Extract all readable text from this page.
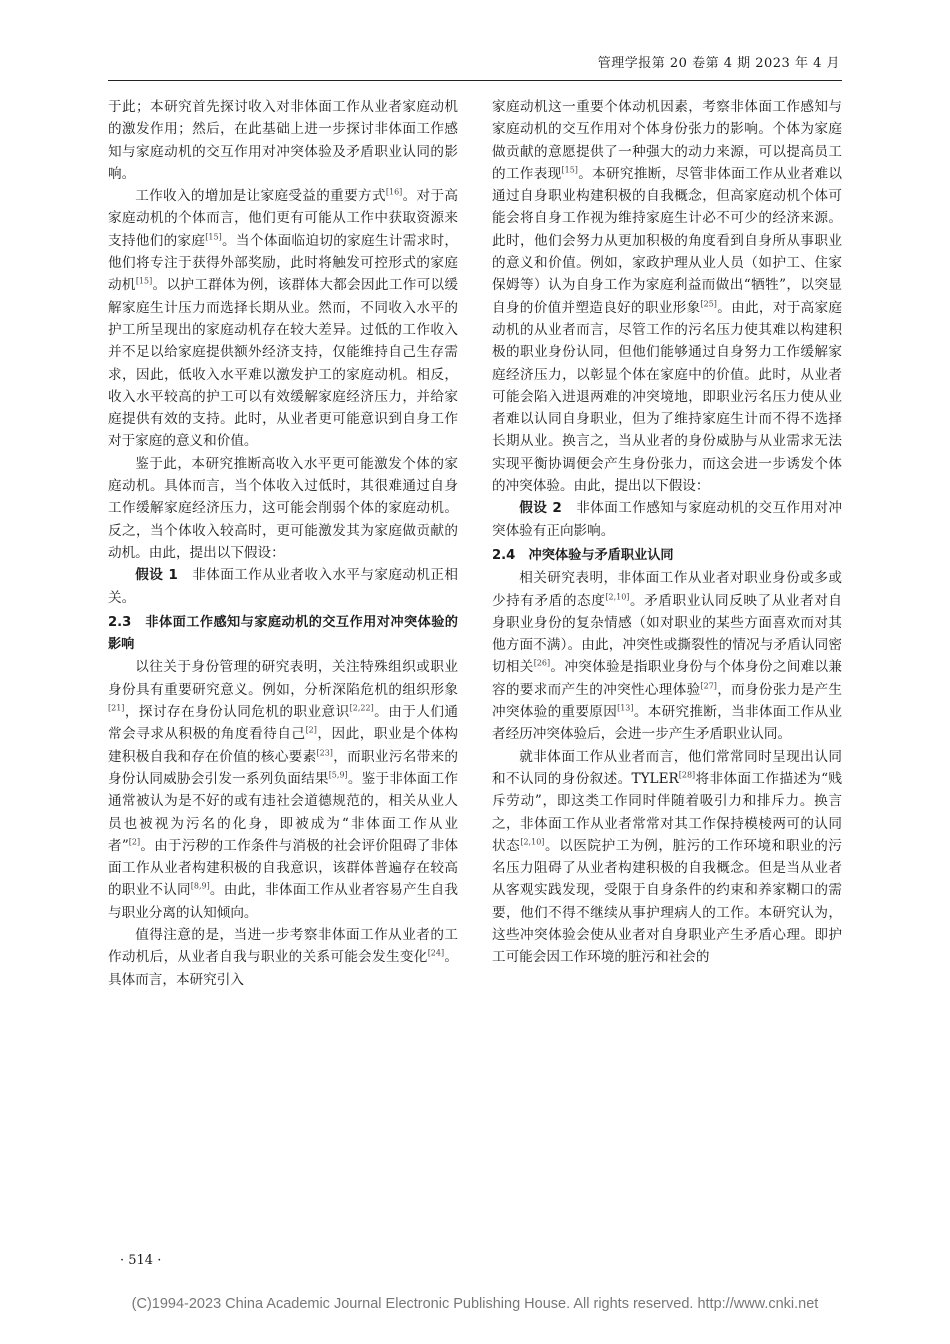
管理学报第 20 卷第 4 期 2023 年 4 月

于此；本研究首先探讨收入对非体面工作从业者家庭动机的激发作用；然后，在此基础上进一步探讨非体面工作感知与家庭动机的交互作用对冲突体验及矛盾职业认同的影响。

工作收入的增加是让家庭受益的重要方式[16]。对于高家庭动机的个体而言，他们更有可能从工作中获取资源来支持他们的家庭[15]。当个体面临迫切的家庭生计需求时，他们将专注于获得外部奖励，此时将触发可控形式的家庭动机[15]。以护工群体为例，该群体大都会因此工作可以缓解家庭生计压力而选择长期从业。然而，不同收入水平的护工所呈现出的家庭动机存在较大差异。过低的工作收入并不足以给家庭提供额外经济支持，仅能维持自己生存需求，因此，低收入水平难以激发护工的家庭动机。相反，收入水平较高的护工可以有效缓解家庭经济压力，并给家庭提供有效的支持。此时，从业者更可能意识到自身工作对于家庭的意义和价值。

鉴于此，本研究推断高收入水平更可能激发个体的家庭动机。具体而言，当个体收入过低时，其很难通过自身工作缓解家庭经济压力，这可能会削弱个体的家庭动机。反之，当个体收入较高时，更可能激发其为家庭做贡献的动机。由此，提出以下假设：

假设 1　 非体面工作从业者收入水平与家庭动机正相关。

2.3　非体面工作感知与家庭动机的交互作用对冲突体验的影响

以往关于身份管理的研究表明，关注特殊组织或职业身份具有重要研究意义。例如，分析深陷危机的组织形象[21]，探讨存在身份认同危机的职业意识[2,22]。由于人们通常会寻求从积极的角度看待自己[2]，因此，职业是个体构建积极自我和存在价值的核心要素[23]，而职业污名带来的身份认同威胁会引发一系列负面结果[5,9]。鉴于非体面工作通常被认为是不好的或有违社会道德规范的，相关从业人员也被视为污名的化身，即被成为“非体面工作从业者”[2]。由于污秽的工作条件与消极的社会评价阻碍了非体面工作从业者构建积极的自我意识，该群体普遍存在较高的职业不认同[8,9]。由此，非体面工作从业者容易产生自我与职业分离的认知倾向。

值得注意的是，当进一步考察非体面工作从业者的工作动机后，从业者自我与职业的关系可能会发生变化[24]。具体而言，本研究引入

家庭动机这一重要个体动机因素，考察非体面工作感知与家庭动机的交互作用对个体身份张力的影响。个体为家庭做贡献的意愿提供了一种强大的动力来源，可以提高员工的工作表现[15]。本研究推断，尽管非体面工作从业者难以通过自身职业构建积极的自我概念，但高家庭动机个体可能会将自身工作视为维持家庭生计必不可少的经济来源。此时，他们会努力从更加积极的角度看到自身所从事职业的意义和价值。例如，家政护理从业人员（如护工、住家保姆等）认为自身工作为家庭利益而做出“牺牲”，以突显自身的价值并塑造良好的职业形象[25]。由此，对于高家庭动机的从业者而言，尽管工作的污名压力使其难以构建积极的职业身份认同，但他们能够通过自身努力工作缓解家庭经济压力，以彰显个体在家庭中的价值。此时，从业者可能会陷入进退两难的冲突境地，即职业污名压力使从业者难以认同自身职业，但为了维持家庭生计而不得不选择长期从业。换言之，当从业者的身份威胁与从业需求无法实现平衡协调便会产生身份张力，而这会进一步诱发个体的冲突体验。由此，提出以下假设：

假设 2　 非体面工作感知与家庭动机的交互作用对冲突体验有正向影响。

2.4　冲突体验与矛盾职业认同

相关研究表明，非体面工作从业者对职业身份或多或少持有矛盾的态度[2,10]。矛盾职业认同反映了从业者对自身职业身份的复杂情感（如对职业的某些方面喜欢而对其他方面不满）。由此，冲突性或撕裂性的情况与矛盾认同密切相关[26]。冲突体验是指职业身份与个体身份之间难以兼容的要求而产生的冲突性心理体验[27]，而身份张力是产生冲突体验的重要原因[13]。本研究推断，当非体面工作从业者经历冲突体验后，会进一步产生矛盾职业认同。

就非体面工作从业者而言，他们常常同时呈现出认同和不认同的身份叙述。TYLER[28]将非体面工作描述为“贱斥劳动”，即这类工作同时伴随着吸引力和排斥力。换言之，非体面工作从业者常常对其工作保持模棱两可的认同状态[2,10]。以医院护工为例，脏污的工作环境和职业的污名压力阻碍了从业者构建积极的自我概念。但是当从业者从客观实践发现，受限于自身条件的约束和养家糊口的需要，他们不得不继续从事护理病人的工作。本研究认为，这些冲突体验会使从业者对自身职业产生矛盾心理。即护工可能会因工作环境的脏污和社会的

· 514 ·
(C)1994-2023 China Academic Journal Electronic Publishing House. All rights reserved. http://www.cnki.net
